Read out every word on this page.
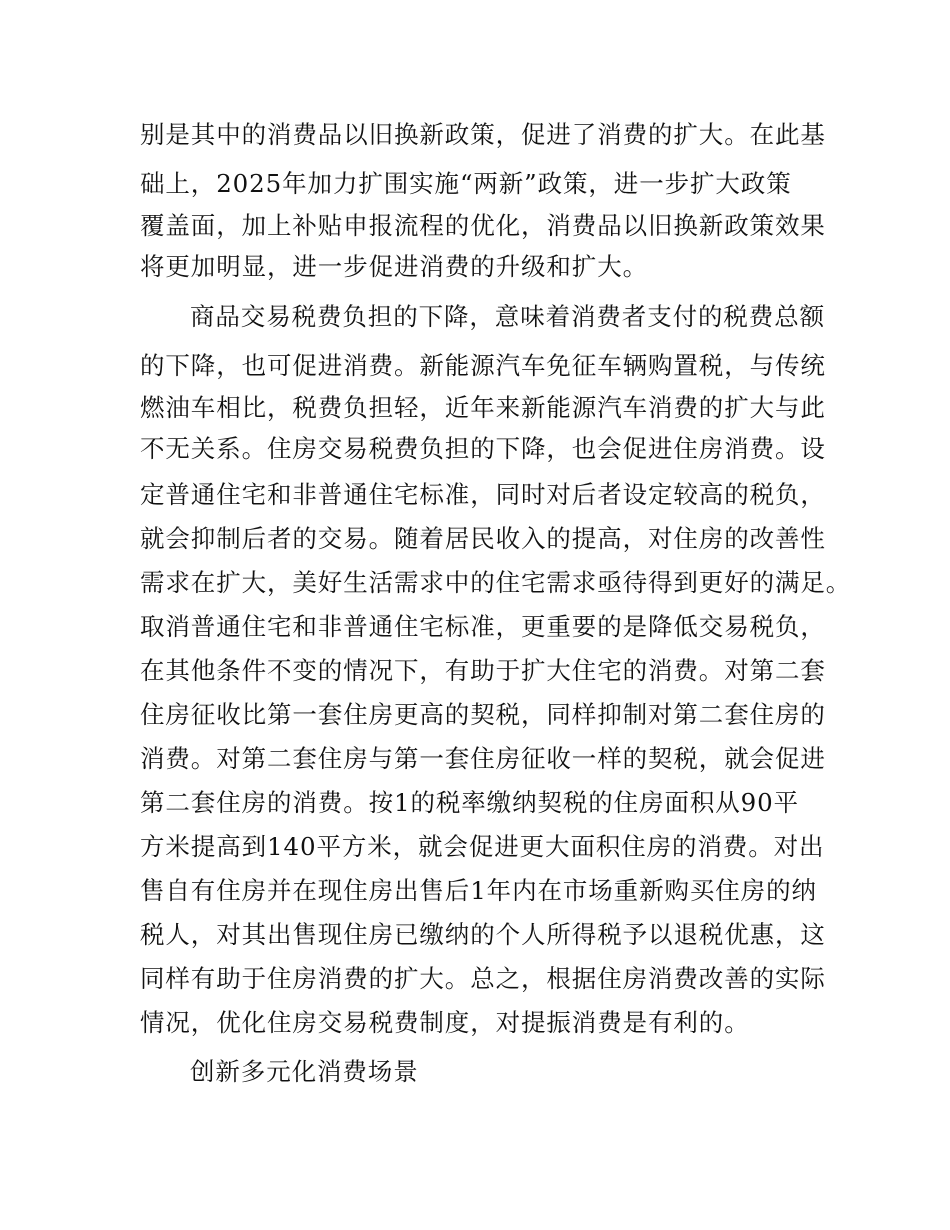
别是其中的消费品以旧换新政策，促进了消费的扩大。在此基
础上，2025年加力扩围实施“两新”政策，进一步扩大政策
覆盖面，加上补贴申报流程的优化，消费品以旧换新政策效果
将更加明显，进一步促进消费的升级和扩大。
商品交易税费负担的下降，意味着消费者支付的税费总额
的下降，也可促进消费。新能源汽车免征车辆购置税，与传统
燃油车相比，税费负担轻，近年来新能源汽车消费的扩大与此
不无关系。住房交易税费负担的下降，也会促进住房消费。设
定普通住宅和非普通住宅标准，同时对后者设定较高的税负，
就会抑制后者的交易。随着居民收入的提高，对住房的改善性
需求在扩大，美好生活需求中的住宅需求亟待得到更好的满足。
取消普通住宅和非普通住宅标准，更重要的是降低交易税负，
在其他条件不变的情况下，有助于扩大住宅的消费。对第二套
住房征收比第一套住房更高的契税，同样抑制对第二套住房的
消费。对第二套住房与第一套住房征收一样的契税，就会促进
第二套住房的消费。按1的税率缴纳契税的住房面积从90平
方米提高到140平方米，就会促进更大面积住房的消费。对出
售自有住房并在现住房出售后1年内在市场重新购买住房的纳
税人，对其出售现住房已缴纳的个人所得税予以退税优惠，这
同样有助于住房消费的扩大。总之，根据住房消费改善的实际
情况，优化住房交易税费制度，对提振消费是有利的。
创新多元化消费场景
